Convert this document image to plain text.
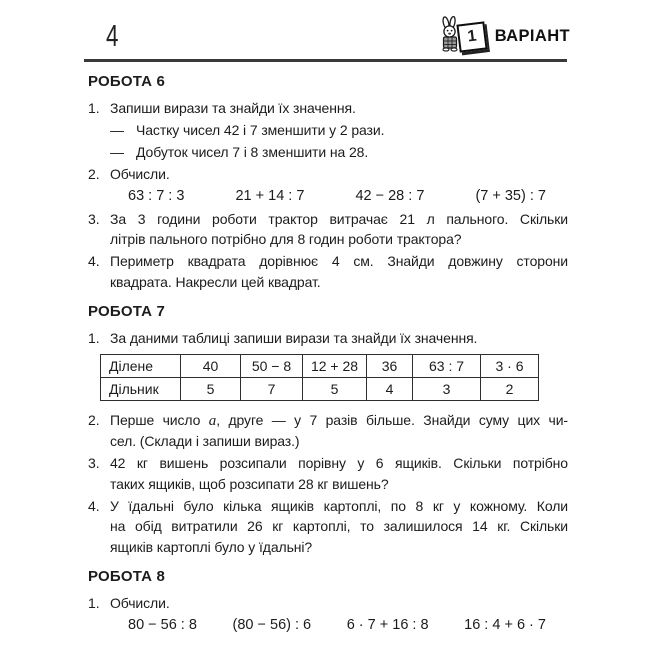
4	1 ВАРІАНТ
РОБОТА 6
1. Запиши вирази та знайди їх значення.
— Частку чисел 42 і 7 зменшити у 2 рази.
— Добуток чисел 7 і 8 зменшити на 28.
2. Обчисли.
63 : 7 : 3	21 + 14 : 7	42 − 28 : 7	(7 + 35) : 7
3. За 3 години роботи трактор витрачає 21 л пального. Скільки
літрів пального потрібно для 8 годин роботи трактора?
4. Периметр квадрата дорівнює 4 см. Знайди довжину сторони
квадрата. Накресли цей квадрат.
РОБОТА 7
1. За даними таблиці запиши вирази та знайди їх значення.
Ділене	40	50 − 8	12 + 28	36	63 : 7	3 · 6
Дільник	5	7	5	4	3	2
2. Перше число a, друге — у 7 разів більше. Знайди суму цих чи-
сел. (Склади і запиши вираз.)
3. 42 кг вишень розсипали порівну у 6 ящиків. Скільки потрібно
таких ящиків, щоб розсипати 28 кг вишень?
4. У їдальні було кілька ящиків картоплі, по 8 кг у кожному. Коли
на обід витратили 26 кг картоплі, то залишилося 14 кг. Скільки
ящиків картоплі було у їдальні?
РОБОТА 8
1. Обчисли.
80 − 56 : 8 (80 − 56) : 6 6 · 7 + 16 : 8 16 : 4 + 6 · 7
